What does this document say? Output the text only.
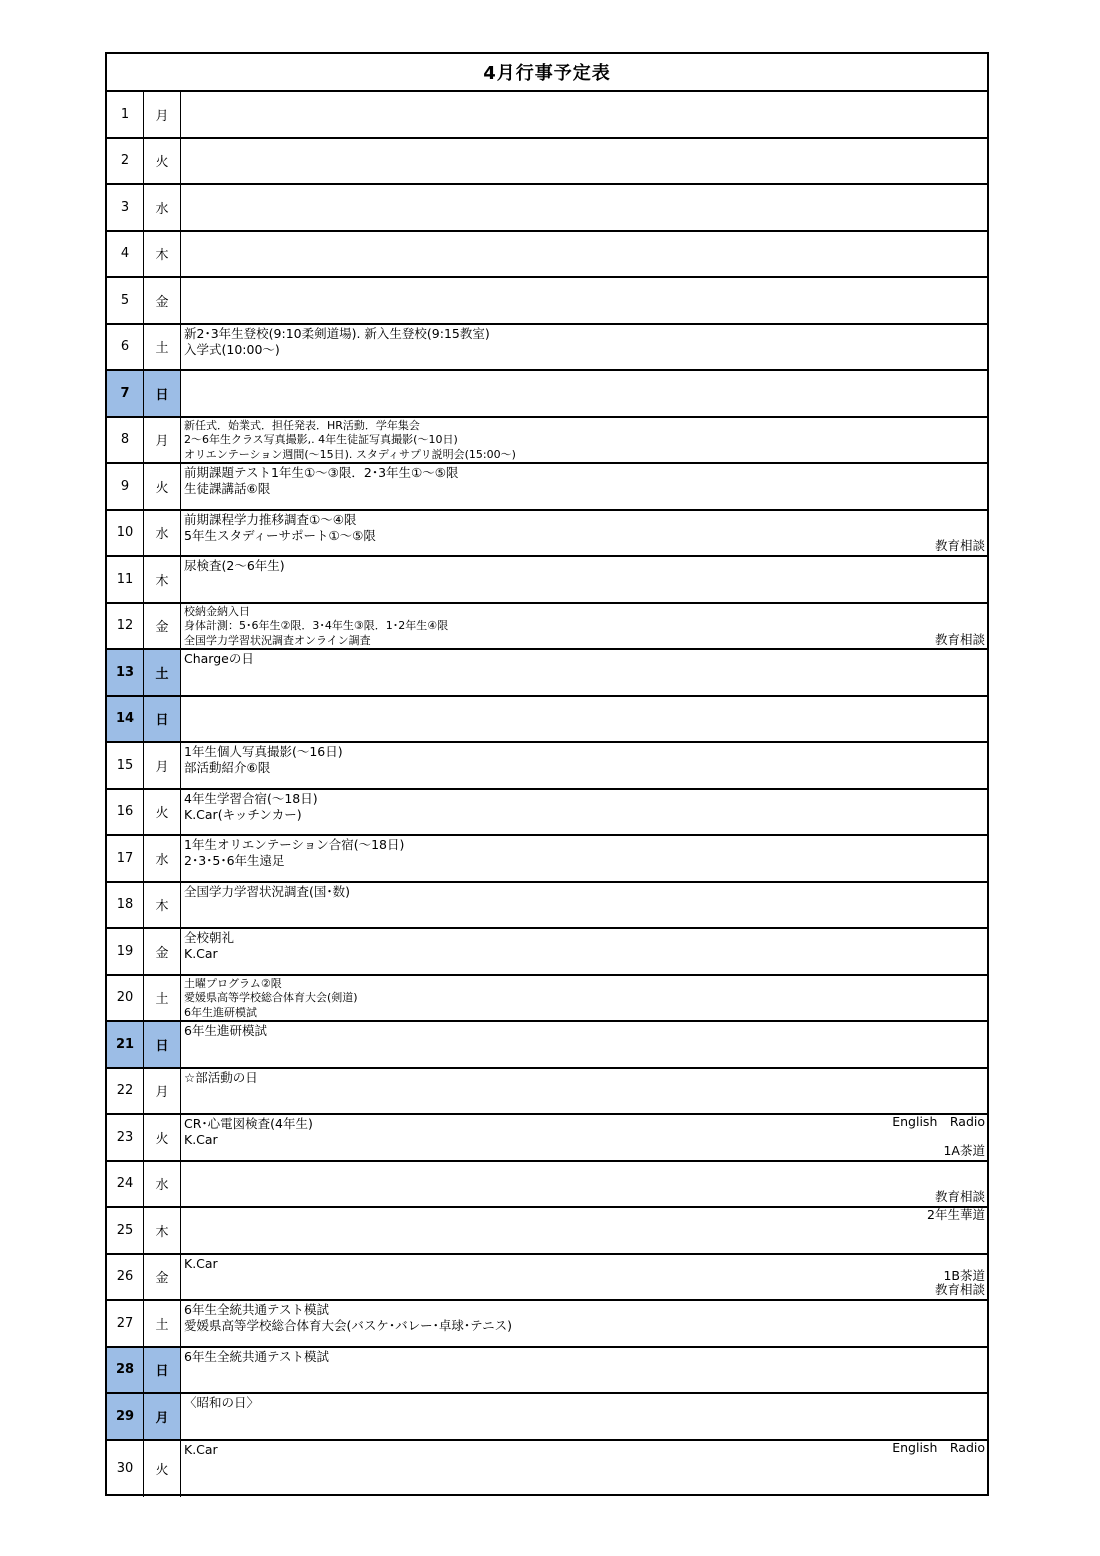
4月行事予定表
1	月
2	火
3	水
4	木
5	金
6	土
新2･3年生登校(9:10柔剣道場). 新入生登校(9:15教室)
入学式(10:00～)
7	日
8	月
新任式．始業式．担任発表．HR活動．学年集会
2～6年生クラス写真撮影,. 4年生徒証写真撮影(～10日)
オリエンテーション週間(～15日). スタディサプリ説明会(15:00～)
9	火
前期課題テスト1年生①～③限．2･3年生①～⑤限
生徒課講話⑥限
10	水
前期課程学力推移調査①～④限
5年生スタディーサポート①～⑤限
教育相談
11	木
尿検査(2～6年生)
12	金
校納金納入日
身体計測：5･6年生②限．3･4年生③限．1･2年生④限
全国学力学習状況調査オンライン調査	教育相談
13	土
Chargeの日
14	日
15	月
1年生個人写真撮影(～16日)
部活動紹介⑥限
16	火
4年生学習合宿(～18日)
K.Car(キッチンカー)
17	水
1年生オリエンテーション合宿(～18日)
2･3･5･6年生遠足
18	木
全国学力学習状況調査(国･数)
19	金
全校朝礼
K.Car
20	土
土曜プログラム②限
愛媛県高等学校総合体育大会(剣道)
6年生進研模試
21	日
6年生進研模試
22	月
☆部活動の日
23	火
CR･心電図検査(4年生)
K.Car
English　Radio
1A茶道
24	水
教育相談
25	木
2年生華道
26	金
K.Car
1B茶道
教育相談
27	土
6年生全統共通テスト模試
愛媛県高等学校総合体育大会(バスケ･バレー･卓球･テニス)
28	日
6年生全統共通テスト模試
29	月
〈昭和の日〉
30	火
K.Car	English　Radio
